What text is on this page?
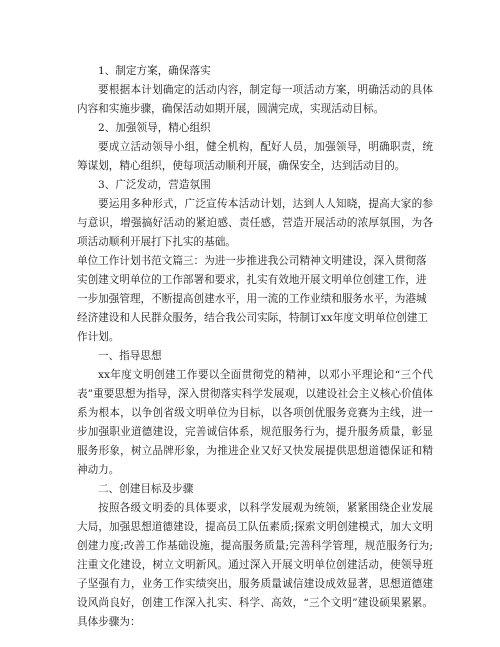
1、制定方案，确保落实

要根据本计划确定的活动内容，制定每一项活动方案，明确活动的具体内容和实施步骤，确保活动如期开展，圆满完成，实现活动目标。

2、加强领导，精心组织

要成立活动领导小组，健全机构，配好人员，加强领导，明确职责，统筹谋划，精心组织，使每项活动顺利开展，确保安全，达到活动目的。

3、广泛发动，营造氛围

要运用多种形式，广泛宣传本活动计划，达到人人知晓，提高大家的参与意识，增强搞好活动的紧迫感、责任感，营造开展活动的浓厚氛围，为各项活动顺利开展打下扎实的基础。

单位工作计划书范文篇三：为进一步推进我公司精神文明建设，深入贯彻落实创建文明单位的工作部署和要求，扎实有效地开展文明单位创建工作，进一步加强管理，不断提高创建水平，用一流的工作业绩和服务水平，为港城经济建设和人民群众服务，结合我公司实际，特制订xx年度文明单位创建工作计划。

一、指导思想

xx年度文明创建工作要以全面贯彻党的精神，以邓小平理论和“三个代表”重要思想为指导，深入贯彻落实科学发展观，以建设社会主义核心价值体系为根本，以争创省级文明单位为目标，以各项创优服务竞赛为主线，进一步加强职业道德建设，完善诚信体系，规范服务行为，提升服务质量，彰显服务形象，树立品牌形象，为推进企业又好又快发展提供思想道德保证和精神动力。

二、创建目标及步骤

按照各级文明委的具体要求，以科学发展观为统领，紧紧围绕企业发展大局，加强思想道德建设，提高员工队伍素质;探索文明创建模式，加大文明创建力度;改善工作基础设施，提高服务质量;完善科学管理，规范服务行为;注重文化建设，树立文明新风。通过深入开展文明单位创建活动，使领导班子坚强有力，业务工作实绩突出，服务质量诚信建设成效显著，思想道德建设风尚良好，创建工作深入扎实、科学、高效，“三个文明”建设硕果累累。具体步骤为：
